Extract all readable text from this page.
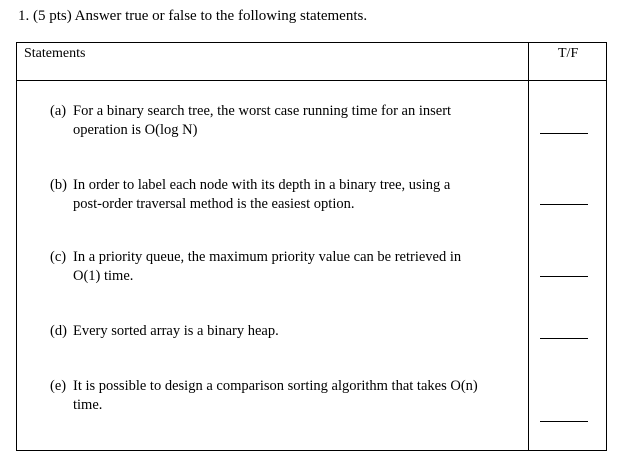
1. (5 pts) Answer true or false to the following statements.
Statements	T/F
(a) For a binary search tree, the worst case running time for an insert
operation is O(log N)
(b) In order to label each node with its depth in a binary tree, using a
post-order traversal method is the easiest option.
(c) In a priority queue, the maximum priority value can be retrieved in
O(1) time.
(d) Every sorted array is a binary heap.
(e) It is possible to design a comparison sorting algorithm that takes O(n)
time.
